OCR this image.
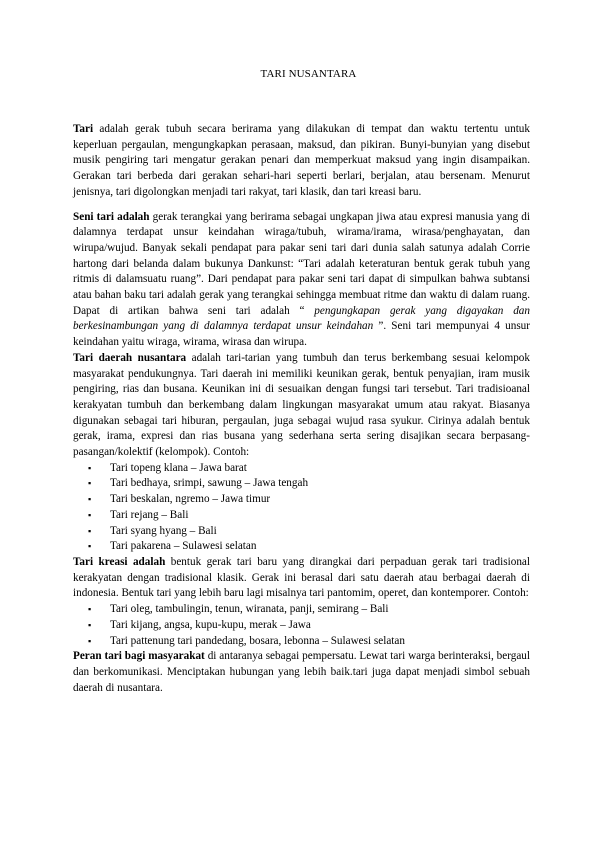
TARI NUSANTARA

Tari adalah gerak tubuh secara berirama yang dilakukan di tempat dan waktu tertentu untuk keperluan pergaulan, mengungkapkan perasaan, maksud, dan pikiran. Bunyi-bunyian yang disebut musik pengiring tari mengatur gerakan penari dan memperkuat maksud yang ingin disampaikan. Gerakan tari berbeda dari gerakan sehari-hari seperti berlari, berjalan, atau bersenam. Menurut jenisnya, tari digolongkan menjadi tari rakyat, tari klasik, dan tari kreasi baru.

Seni tari adalah gerak terangkai yang berirama sebagai ungkapan jiwa atau expresi manusia yang di dalamnya terdapat unsur keindahan wiraga/tubuh, wirama/irama, wirasa/penghayatan, dan wirupa/wujud. Banyak sekali pendapat para pakar seni tari dari dunia salah satunya adalah Corrie hartong dari belanda dalam bukunya Dankunst: “Tari adalah keteraturan bentuk gerak tubuh yang ritmis di dalamsuatu ruang”. Dari pendapat para pakar seni tari dapat di simpulkan bahwa subtansi atau bahan baku tari adalah gerak yang terangkai sehingga membuat ritme dan waktu di dalam ruang. Dapat di artikan bahwa seni tari adalah “ pengungkapan gerak yang digayakan dan berkesinambungan yang di dalamnya terdapat unsur keindahan ”. Seni tari mempunyai 4 unsur keindahan yaitu wiraga, wirama, wirasa dan wirupa.

Tari daerah nusantara adalah tari-tarian yang tumbuh dan terus berkembang sesuai kelompok masyarakat pendukungnya. Tari daerah ini memiliki keunikan gerak, bentuk penyajian, iram musik pengiring, rias dan busana. Keunikan ini di sesuaikan dengan fungsi tari tersebut. Tari tradisioanal kerakyatan tumbuh dan berkembang dalam lingkungan masyarakat umum atau rakyat. Biasanya digunakan sebagai tari hiburan, pergaulan, juga sebagai wujud rasa syukur. Cirinya adalah bentuk gerak, irama, expresi dan rias busana yang sederhana serta sering disajikan secara berpasang-pasangan/kolektif (kelompok). Contoh:

▪ Tari topeng klana – Jawa barat
▪ Tari bedhaya, srimpi, sawung – Jawa tengah
▪ Tari beskalan, ngremo – Jawa timur
▪ Tari rejang – Bali
▪ Tari syang hyang – Bali
▪ Tari pakarena – Sulawesi selatan

Tari kreasi adalah bentuk gerak tari baru yang dirangkai dari perpaduan gerak tari tradisional kerakyatan dengan tradisional klasik. Gerak ini berasal dari satu daerah atau berbagai daerah di indonesia. Bentuk tari yang lebih baru lagi misalnya tari pantomim, operet, dan kontemporer. Contoh:

▪ Tari oleg, tambulingin, tenun, wiranata, panji, semirang – Bali
▪ Tari kijang, angsa, kupu-kupu, merak – Jawa
▪ Tari pattenung tari pandedang, bosara, lebonna – Sulawesi selatan

Peran tari bagi masyarakat di antaranya sebagai pempersatu. Lewat tari warga berinteraksi, bergaul dan berkomunikasi. Menciptakan hubungan yang lebih baik.tari juga dapat menjadi simbol sebuah daerah di nusantara.
